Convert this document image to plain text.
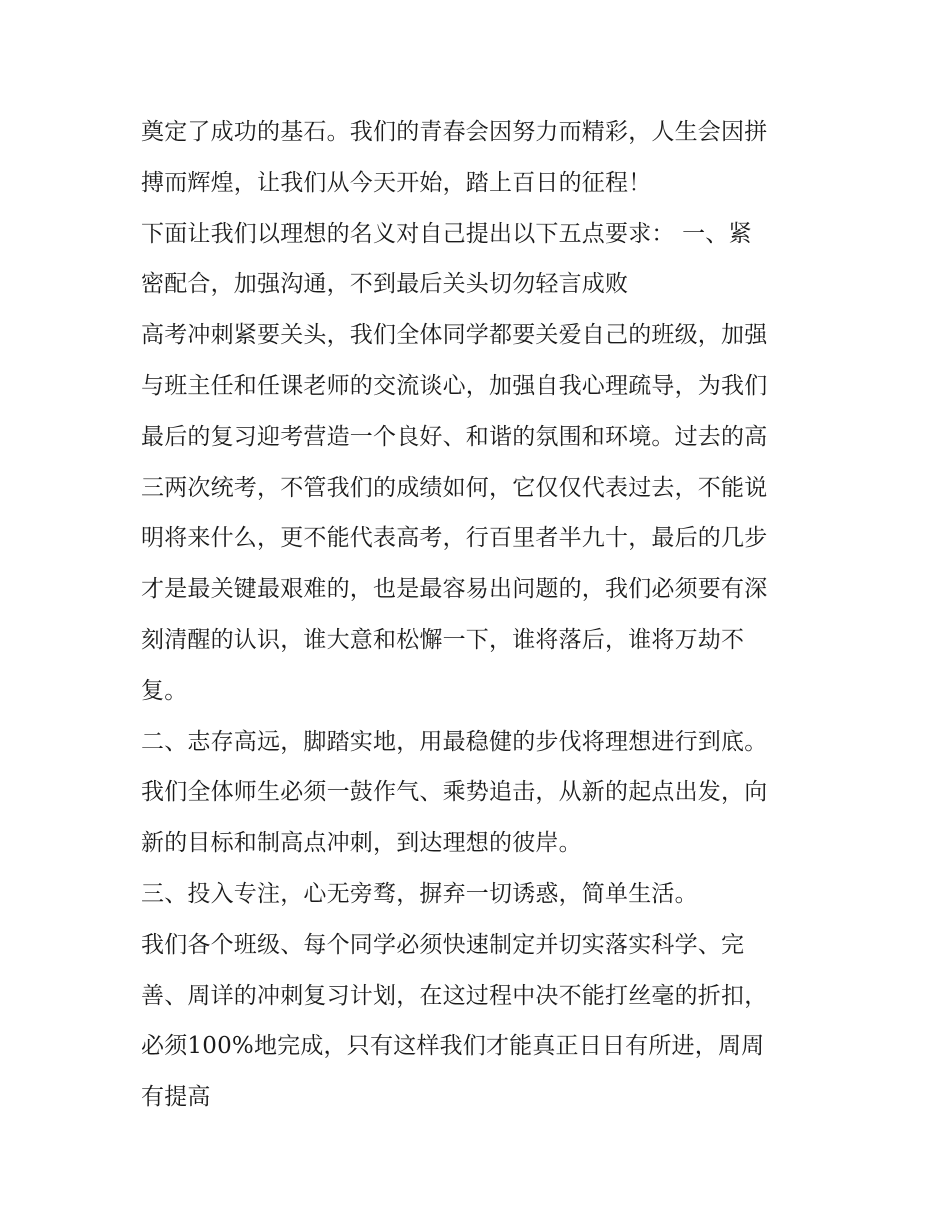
奠定了成功的基石。我们的青春会因努力而精彩，人生会因拼
搏而辉煌，让我们从今天开始，踏上百日的征程！
下面让我们以理想的名义对自己提出以下五点要求： 一、紧
密配合，加强沟通，不到最后关头切勿轻言成败
高考冲刺紧要关头，我们全体同学都要关爱自己的班级，加强
与班主任和任课老师的交流谈心，加强自我心理疏导，为我们
最后的复习迎考营造一个良好、和谐的氛围和环境。过去的高
三两次统考，不管我们的成绩如何，它仅仅代表过去，不能说
明将来什么，更不能代表高考，行百里者半九十，最后的几步
才是最关键最艰难的，也是最容易出问题的，我们必须要有深
刻清醒的认识，谁大意和松懈一下，谁将落后，谁将万劫不
复。
二、志存高远，脚踏实地，用最稳健的步伐将理想进行到底。
我们全体师生必须一鼓作气、乘势追击，从新的起点出发，向
新的目标和制高点冲刺，到达理想的彼岸。
三、投入专注，心无旁骛，摒弃一切诱惑，简单生活。
我们各个班级、每个同学必须快速制定并切实落实科学、完
善、周详的冲刺复习计划，在这过程中决不能打丝毫的折扣，
必须100%地完成，只有这样我们才能真正日日有所进，周周
有提高
